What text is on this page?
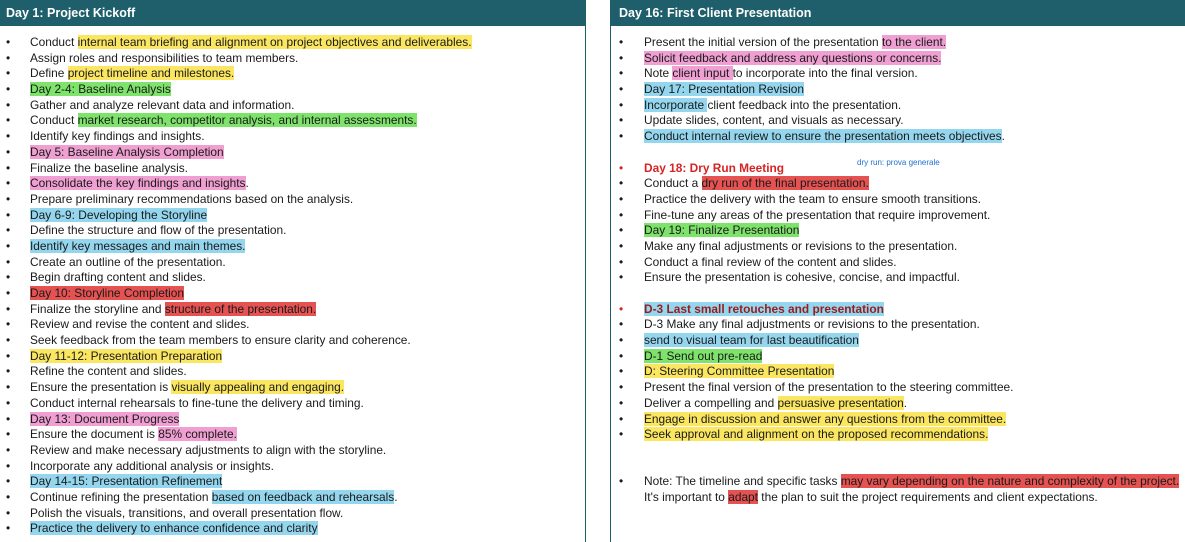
Day 1: Project Kickoff
• Conduct internal team briefing and alignment on project objectives and deliverables.
• Assign roles and responsibilities to team members.
• Define project timeline and milestones.
• Day 2-4: Baseline Analysis
• Gather and analyze relevant data and information.
• Conduct market research, competitor analysis, and internal assessments.
• Identify key findings and insights.
• Day 5: Baseline Analysis Completion
• Finalize the baseline analysis.
• Consolidate the key findings and insights.
• Prepare preliminary recommendations based on the analysis.
• Day 6-9: Developing the Storyline
• Define the structure and flow of the presentation.
• Identify key messages and main themes.
• Create an outline of the presentation.
• Begin drafting content and slides.
• Day 10: Storyline Completion
• Finalize the storyline and structure of the presentation.
• Review and revise the content and slides.
• Seek feedback from the team members to ensure clarity and coherence.
• Day 11-12: Presentation Preparation
• Refine the content and slides.
• Ensure the presentation is visually appealing and engaging.
• Conduct internal rehearsals to fine-tune the delivery and timing.
• Day 13: Document Progress
• Ensure the document is 85% complete.
• Review and make necessary adjustments to align with the storyline.
• Incorporate any additional analysis or insights.
• Day 14-15: Presentation Refinement
• Continue refining the presentation based on feedback and rehearsals.
• Polish the visuals, transitions, and overall presentation flow.
• Practice the delivery to enhance confidence and clarity
Day 16: First Client Presentation
• Present the initial version of the presentation to the client.
• Solicit feedback and address any questions or concerns.
• Note client input to incorporate into the final version.
• Day 17: Presentation Revision
• Incorporate client feedback into the presentation.
• Update slides, content, and visuals as necessary.
• Conduct internal review to ensure the presentation meets objectives.
• Day 18: Dry Run Meeting
• Conduct a dry run of the final presentation.
• Practice the delivery with the team to ensure smooth transitions.
• Fine-tune any areas of the presentation that require improvement.
• Day 19: Finalize Presentation
• Make any final adjustments or revisions to the presentation.
• Conduct a final review of the content and slides.
• Ensure the presentation is cohesive, concise, and impactful.
• D-3 Last small retouches and presentation
• D-3 Make any final adjustments or revisions to the presentation.
• send to visual team for last beautification
• D-1 Send out pre-read
• D: Steering Committee Presentation
• Present the final version of the presentation to the steering committee.
• Deliver a compelling and persuasive presentation.
• Engage in discussion and answer any questions from the committee.
• Seek approval and alignment on the proposed recommendations.
• Note: The timeline and specific tasks may vary depending on the nature and complexity of the project. It's important to adapt the plan to suit the project requirements and client expectations.
dry run: prova generale
